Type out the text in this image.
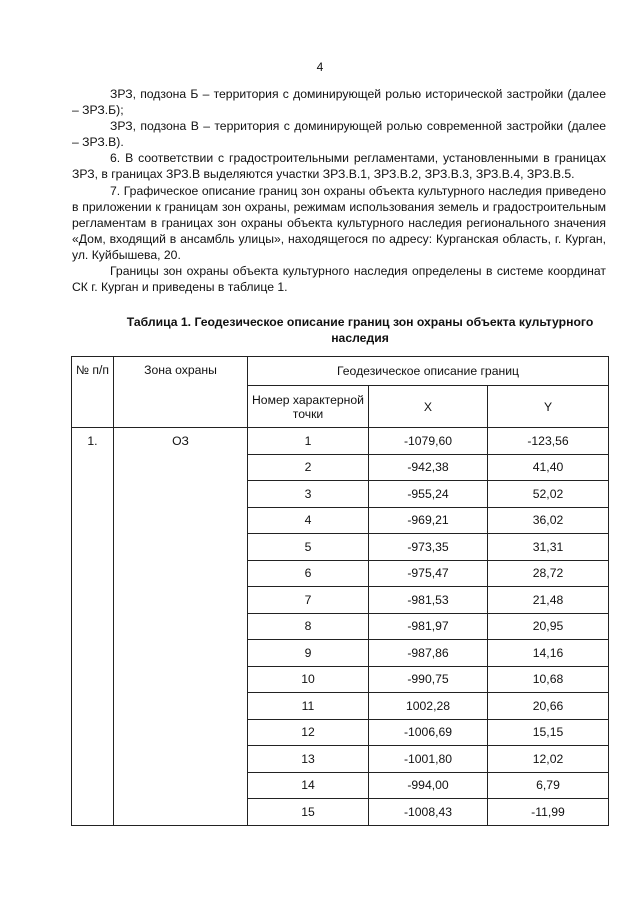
4

ЗРЗ, подзона Б – территория с доминирующей ролью исторической застройки (далее – ЗРЗ.Б);

ЗРЗ, подзона В – территория с доминирующей ролью современной застройки (далее – ЗРЗ.В).

6. В соответствии с градостроительными регламентами, установленными в границах ЗРЗ, в границах ЗРЗ.В выделяются участки ЗРЗ.В.1, ЗРЗ.В.2, ЗРЗ.В.3, ЗРЗ.В.4, ЗРЗ.В.5.

7. Графическое описание границ зон охраны объекта культурного наследия приведено в приложении к границам зон охраны, режимам использования земель и градостроительным регламентам в границах зон охраны объекта культурного наследия регионального значения «Дом, входящий в ансамбль улицы», находящегося по адресу: Курганская область, г. Курган, ул. Куйбышева, 20.

Границы зон охраны объекта культурного наследия определены в системе координат СК г. Курган и приведены в таблице 1.

Таблица 1. Геодезическое описание границ зон охраны объекта культурного наследия
№ п/п	Зона охраны	Геодезическое описание границ		
		Номер характерной точки	X	Y
1.	ОЗ	1	-1079,60	-123,56
		2	-942,38	41,40
		3	-955,24	52,02
		4	-969,21	36,02
		5	-973,35	31,31
		6	-975,47	28,72
		7	-981,53	21,48
		8	-981,97	20,95
		9	-987,86	14,16
		10	-990,75	10,68
		11	1002,28	20,66
		12	-1006,69	15,15
		13	-1001,80	12,02
		14	-994,00	6,79
		15	-1008,43	-11,99
